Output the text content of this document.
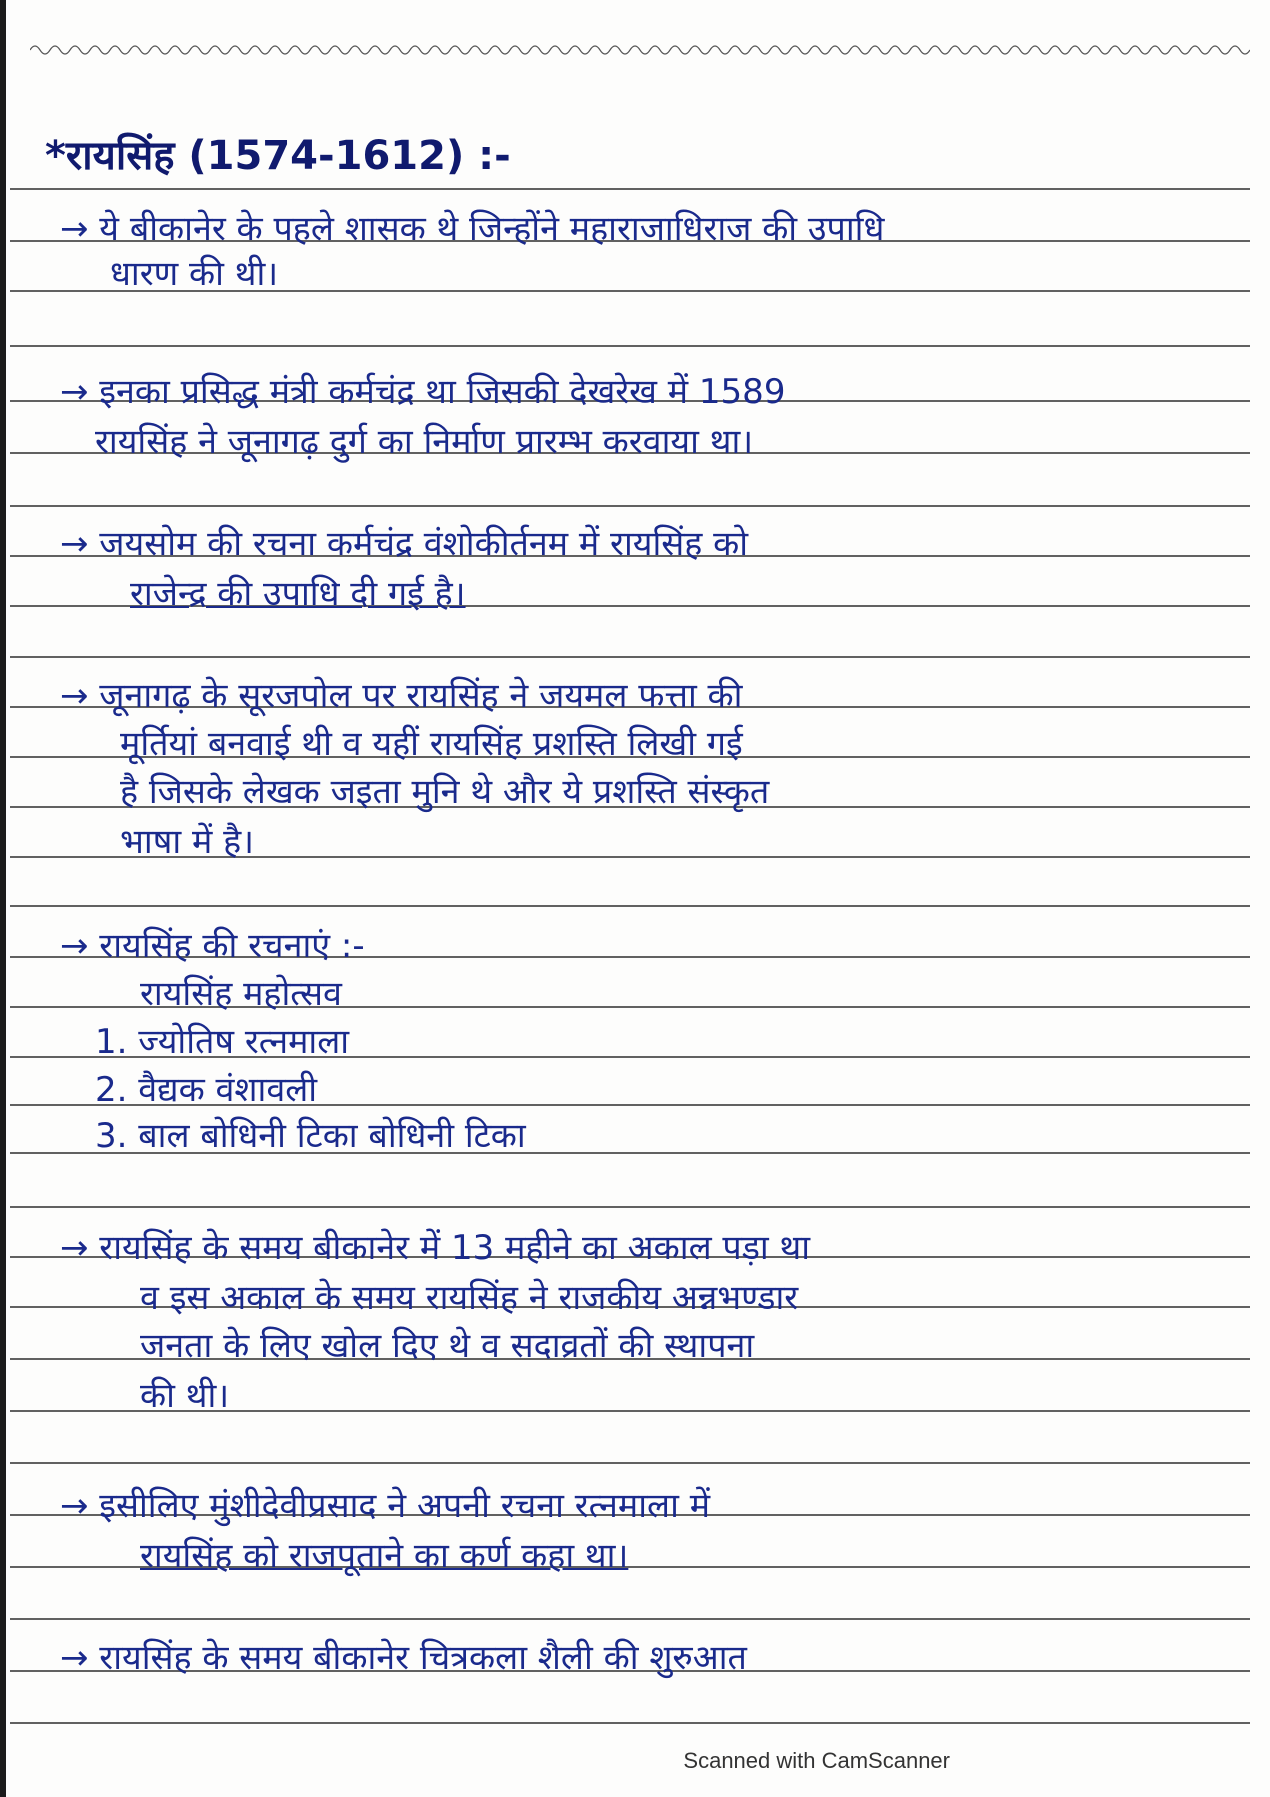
*रायसिंह (1574-1612) :-
→ ये बीकानेर के पहले शासक थे जिन्होंने महाराजाधिराज की उपाधि
धारण की थी।
→ इनका प्रसिद्ध मंत्री कर्मचंद्र था जिसकी देखरेख में 1589
रायसिंह ने जूनागढ़ दुर्ग का निर्माण प्रारम्भ करवाया था।
→ जयसोम की रचना कर्मचंद्र वंशोकीर्तनम में रायसिंह को
राजेन्द्र की उपाधि दी गई है।
→ जूनागढ़ के सूरजपोल पर रायसिंह ने जयमल फत्ता की
मूर्तियां बनवाई थी व यहीं रायसिंह प्रशस्ति लिखी गई
है जिसके लेखक जइता मुनि थे और ये प्रशस्ति संस्कृत
भाषा में है।
→ रायसिंह की रचनाएं :-
रायसिंह महोत्सव
1. ज्योतिष रत्नमाला
2. वैद्यक वंशावली
3. बाल बोधिनी टिका बोधिनी टिका
→ रायसिंह के समय बीकानेर में 13 महीने का अकाल पड़ा था
व इस अकाल के समय रायसिंह ने राजकीय अन्नभण्डार
जनता के लिए खोल दिए थे व सदाव्रतों की स्थापना
की थी।
→ इसीलिए मुंशीदेवीप्रसाद ने अपनी रचना रत्नमाला में
रायसिंह को राजपूताने का कर्ण कहा था।
→ रायसिंह के समय बीकानेर चित्रकला शैली की शुरुआत
Scanned with CamScanner
